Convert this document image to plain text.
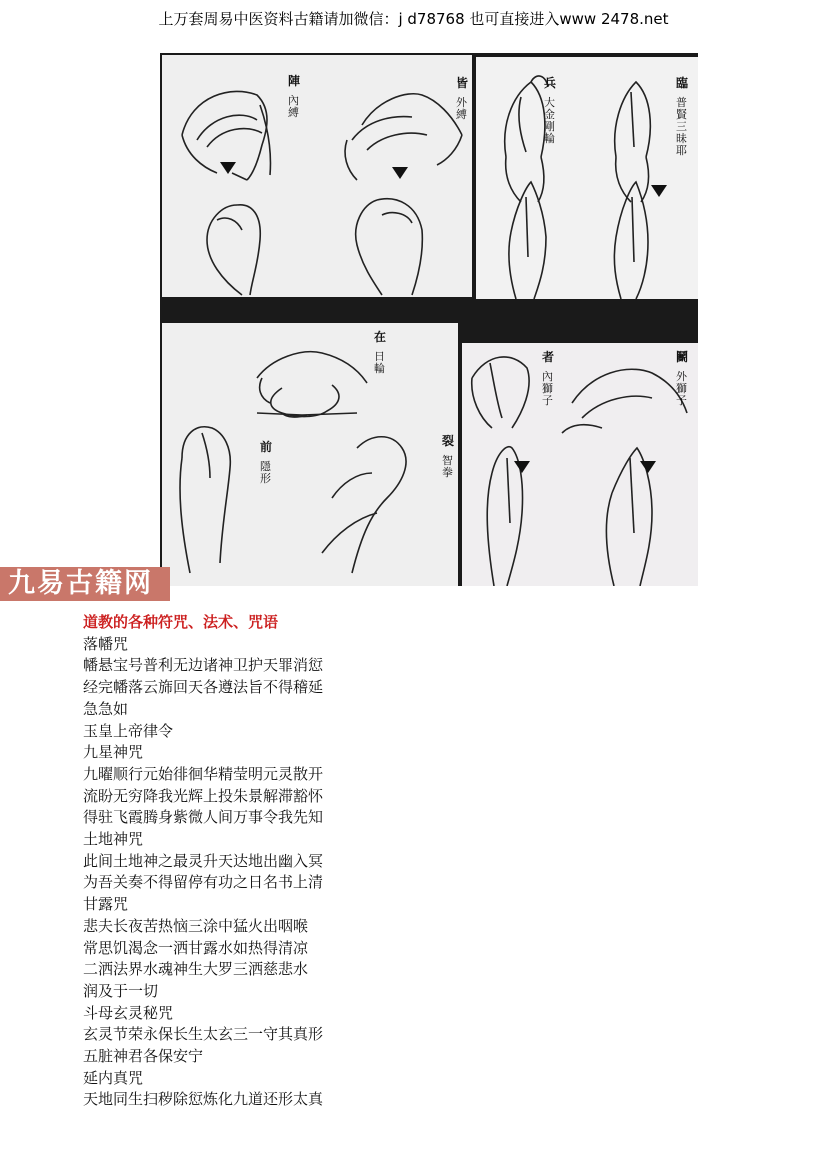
上万套周易中医资料古籍请加微信：j d78768 也可直接进入www 2478.net
陣
內縛
皆
外縛
兵
大金剛輪
臨
普賢三昧耶
在
日輪
前
隱形
裂
智拳
者
內獅子
鬭
外獅子
九易古籍网
道教的各种符咒、法术、咒语
落幡咒
幡悬宝号普利无边诸神卫护天罪消愆
经完幡落云旆回天各遵法旨不得稽延
急急如
玉皇上帝律令
九星神咒
九曜顺行元始徘徊华精莹明元灵散开
流盼无穷降我光辉上投朱景解滞豁怀
得驻飞霞腾身紫微人间万事令我先知
土地神咒
此间土地神之最灵升天达地出幽入冥
为吾关奏不得留停有功之日名书上清
甘露咒
悲夫长夜苦热恼三涂中猛火出咽喉
常思饥渴念一洒甘露水如热得清凉
二洒法界水魂神生大罗三洒慈悲水
润及于一切
斗母玄灵秘咒
玄灵节荣永保长生太玄三一守其真形
五脏神君各保安宁
延内真咒
天地同生扫秽除愆炼化九道还形太真
